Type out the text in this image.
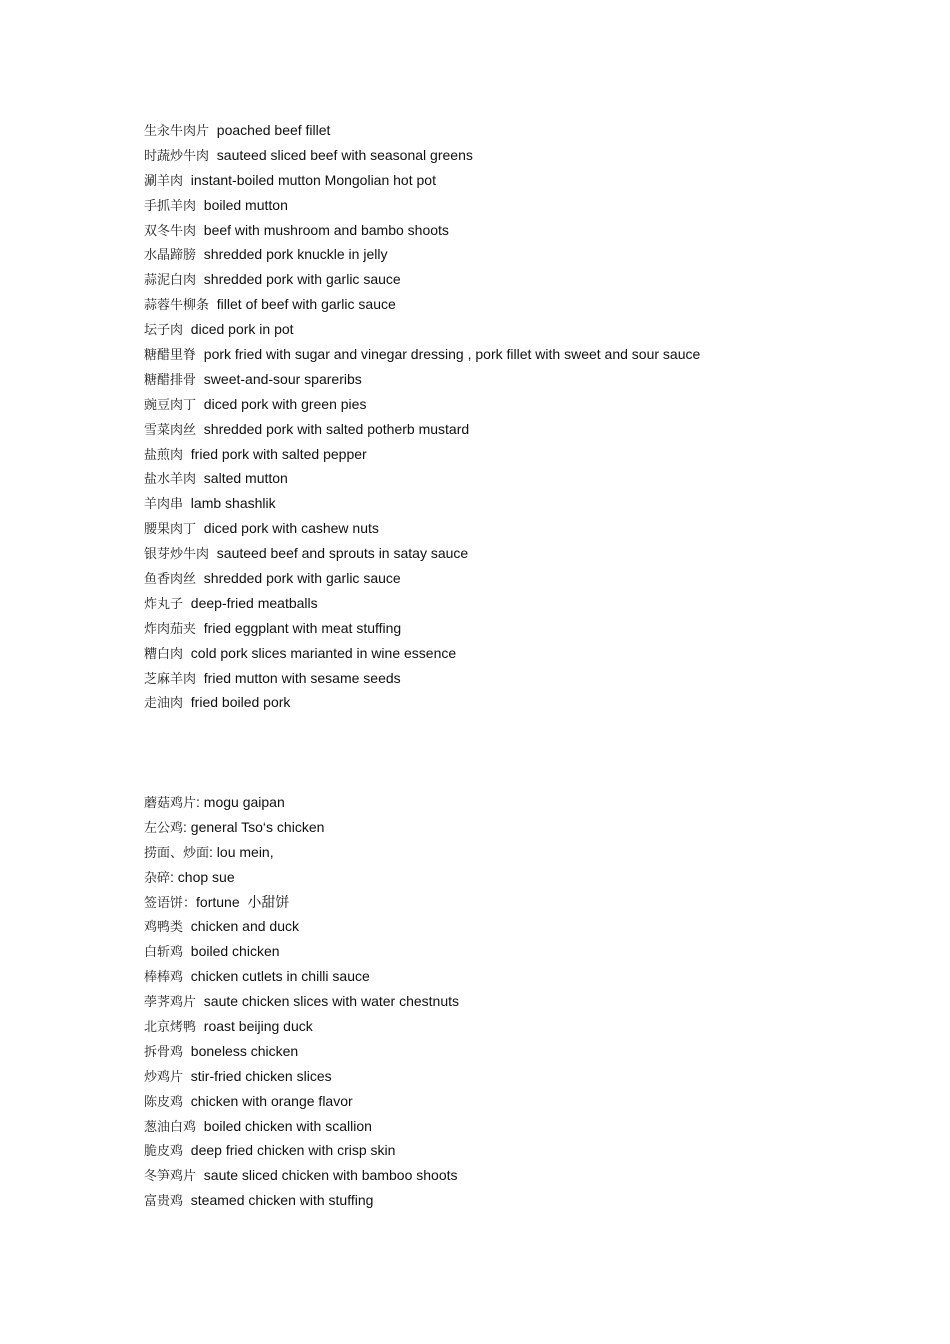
生汆牛肉片 poached beef fillet
时蔬炒牛肉 sauteed sliced beef with seasonal greens
涮羊肉 instant-boiled mutton Mongolian hot pot
手抓羊肉 boiled mutton
双冬牛肉 beef with mushroom and bambo shoots
水晶蹄膀 shredded pork knuckle in jelly
蒜泥白肉 shredded pork with garlic sauce
蒜蓉牛柳条 fillet of beef with garlic sauce
坛子肉 diced pork in pot
糖醋里脊 pork fried with sugar and vinegar dressing , pork fillet with sweet and sour sauce
糖醋排骨 sweet-and-sour spareribs
豌豆肉丁 diced pork with green pies
雪菜肉丝 shredded pork with salted potherb mustard
盐煎肉 fried pork with salted pepper
盐水羊肉 salted mutton
羊肉串 lamb shashlik
腰果肉丁 diced pork with cashew nuts
银芽炒牛肉 sauteed beef and sprouts in satay sauce
鱼香肉丝 shredded pork with garlic sauce
炸丸子 deep-fried meatballs
炸肉茄夹 fried eggplant with meat stuffing
糟白肉 cold pork slices marianted in wine essence
芝麻羊肉 fried mutton with sesame seeds
走油肉 fried boiled pork
蘑菇鸡片: mogu gaipan
左公鸡: general Tso‘s chicken
捞面、炒面: lou mein,
杂碎: chop sue
签语饼：fortune  小甜饼
鸡鸭类 chicken and duck
白斩鸡 boiled chicken
棒棒鸡 chicken cutlets in chilli sauce
荸荠鸡片 saute chicken slices with water chestnuts
北京烤鸭 roast beijing duck
拆骨鸡 boneless chicken
炒鸡片 stir-fried chicken slices
陈皮鸡 chicken with orange flavor
葱油白鸡 boiled chicken with scallion
脆皮鸡 deep fried chicken with crisp skin
冬笋鸡片 saute sliced chicken with bamboo shoots
富贵鸡 steamed chicken with stuffing
